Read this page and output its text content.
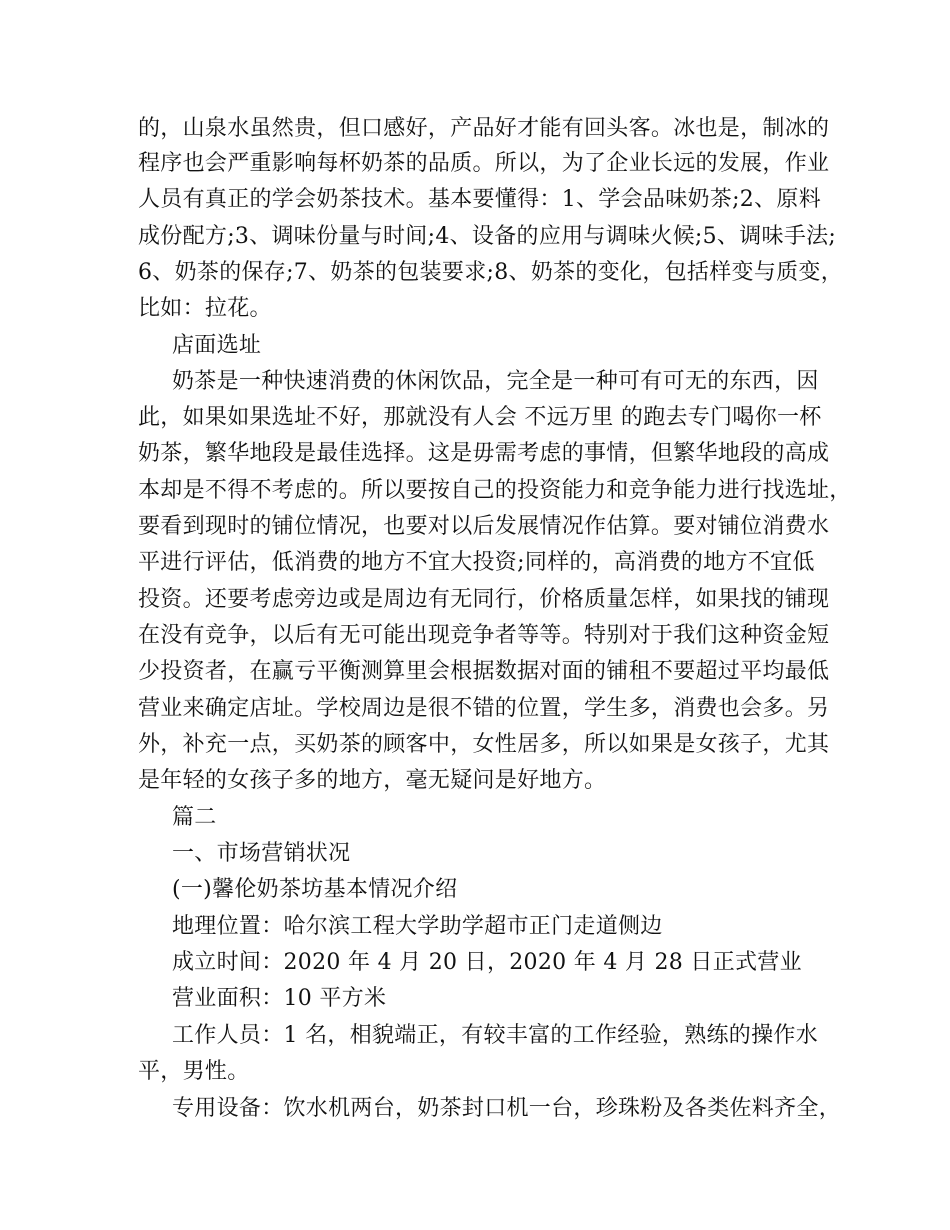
的，山泉水虽然贵，但口感好，产品好才能有回头客。冰也是，制冰的
程序也会严重影响每杯奶茶的品质。所以，为了企业长远的发展，作业
人员有真正的学会奶茶技术。基本要懂得：1、学会品味奶茶;2、原料
成份配方;3、调味份量与时间;4、设备的应用与调味火候;5、调味手法;
6、奶茶的保存;7、奶茶的包装要求;8、奶茶的变化，包括样变与质变，
比如：拉花。
店面选址
奶茶是一种快速消费的休闲饮品，完全是一种可有可无的东西，因
此，如果如果选址不好，那就没有人会 不远万里 的跑去专门喝你一杯
奶茶，繁华地段是最佳选择。这是毋需考虑的事情，但繁华地段的高成
本却是不得不考虑的。所以要按自己的投资能力和竞争能力进行找选址，
要看到现时的铺位情况，也要对以后发展情况作估算。要对铺位消费水
平进行评估，低消费的地方不宜大投资;同样的，高消费的地方不宜低
投资。还要考虑旁边或是周边有无同行，价格质量怎样，如果找的铺现
在没有竞争，以后有无可能出现竞争者等等。特别对于我们这种资金短
少投资者，在赢亏平衡测算里会根据数据对面的铺租不要超过平均最低
营业来确定店址。学校周边是很不错的位置，学生多，消费也会多。另
外，补充一点，买奶茶的顾客中，女性居多，所以如果是女孩子，尤其
是年轻的女孩子多的地方，毫无疑问是好地方。
篇二
一、市场营销状况
(一)馨伦奶茶坊基本情况介绍
地理位置：哈尔滨工程大学助学超市正门走道侧边
成立时间：2020 年 4 月 20 日，2020 年 4 月 28 日正式营业
营业面积：10 平方米
工作人员：1 名，相貌端正，有较丰富的工作经验，熟练的操作水
平，男性。
专用设备：饮水机两台，奶茶封口机一台，珍珠粉及各类佐料齐全，
